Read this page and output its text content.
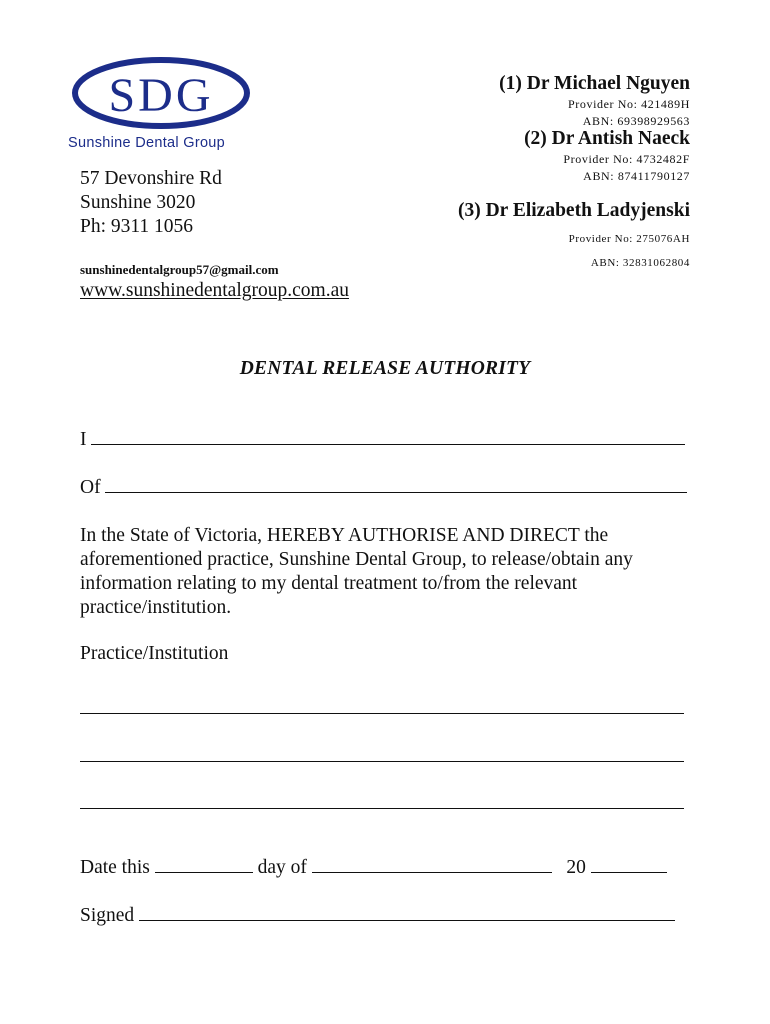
SDG
Sunshine Dental Group
57 Devonshire Rd
Sunshine 3020
Ph: 9311 1056
sunshinedentalgroup57@gmail.com
www.sunshinedentalgroup.com.au
(1) Dr Michael Nguyen
Provider No: 421489H
ABN: 69398929563
(2) Dr Antish Naeck
Provider No: 4732482F
ABN: 87411790127
(3) Dr Elizabeth Ladyjenski
Provider No: 275076AH
ABN: 32831062804
DENTAL RELEASE AUTHORITY
I
Of
In the State of Victoria, HEREBY AUTHORISE AND DIRECT the aforementioned practice, Sunshine Dental Group, to release/obtain any information relating to my dental treatment to/from the relevant practice/institution.
Practice/Institution
Date this	day of	20
Signed
